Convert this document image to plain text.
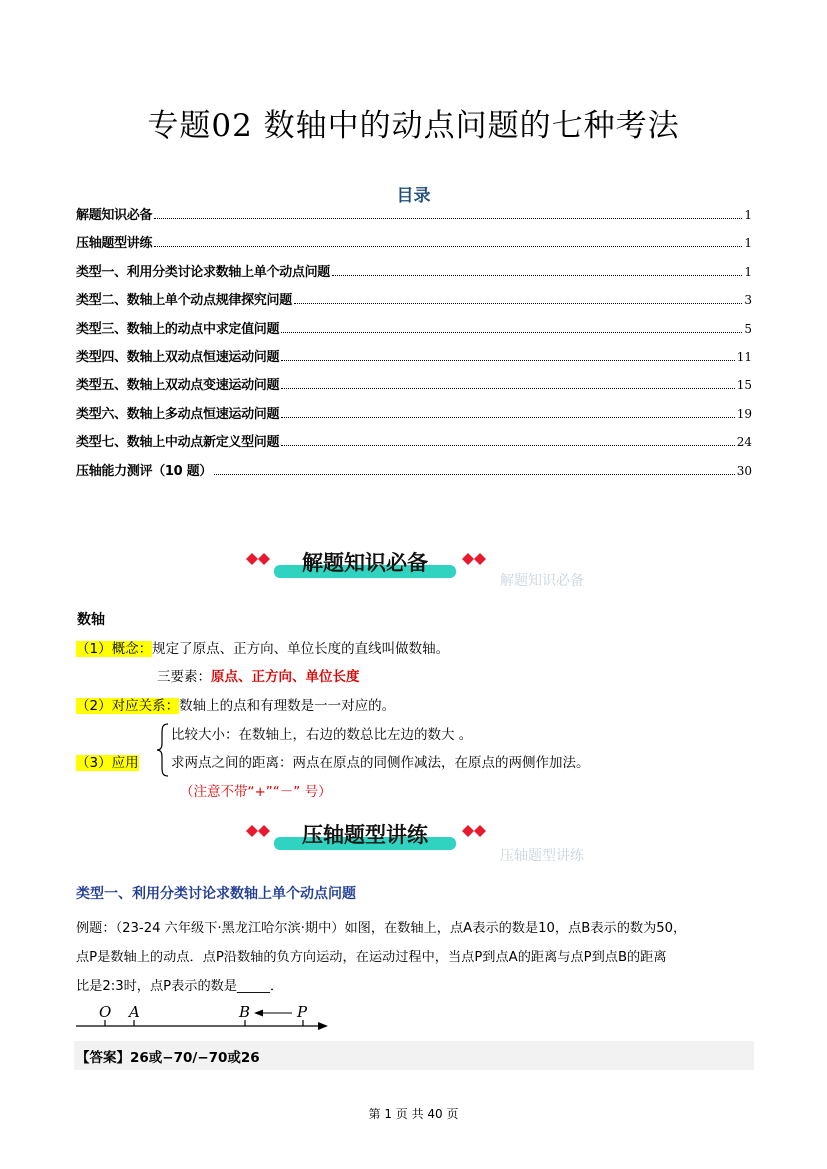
专题02 数轴中的动点问题的七种考法
目录
解题知识必备	1
压轴题型讲练	1
类型一、利用分类讨论求数轴上单个动点问题	1
类型二、数轴上单个动点规律探究问题	3
类型三、数轴上的动点中求定值问题	5
类型四、数轴上双动点恒速运动问题	11
类型五、数轴上双动点变速运动问题	15
类型六、数轴上多动点恒速运动问题	19
类型七、数轴上中动点新定义型问题	24
压轴能力测评（10 题）	30
解题知识必备
解题知识必备
数轴
（1）概念：规定了原点、正方向、单位长度的直线叫做数轴。
三要素：原点、正方向、单位长度
（2）对应关系：数轴上的点和有理数是一一对应的。
（3）应用
比较大小：在数轴上，右边的数总比左边的数大 。
求两点之间的距离：两点在原点的同侧作减法，在原点的两侧作加法。
（注意不带“+”“－” 号）
压轴题型讲练
压轴题型讲练
类型一、利用分类讨论求数轴上单个动点问题
例题：（23-24 六年级下·黑龙江哈尔滨·期中）如图，在数轴上，点A表示的数是10，点B表示的数为50，
点P是数轴上的动点．点P沿数轴的负方向运动，在运动过程中，当点P到点A的距离与点P到点B的距离
比是2:3时，点P表示的数是_____．
O A	B	P
【答案】26或−70/−70或26
第 1 页 共 40 页
